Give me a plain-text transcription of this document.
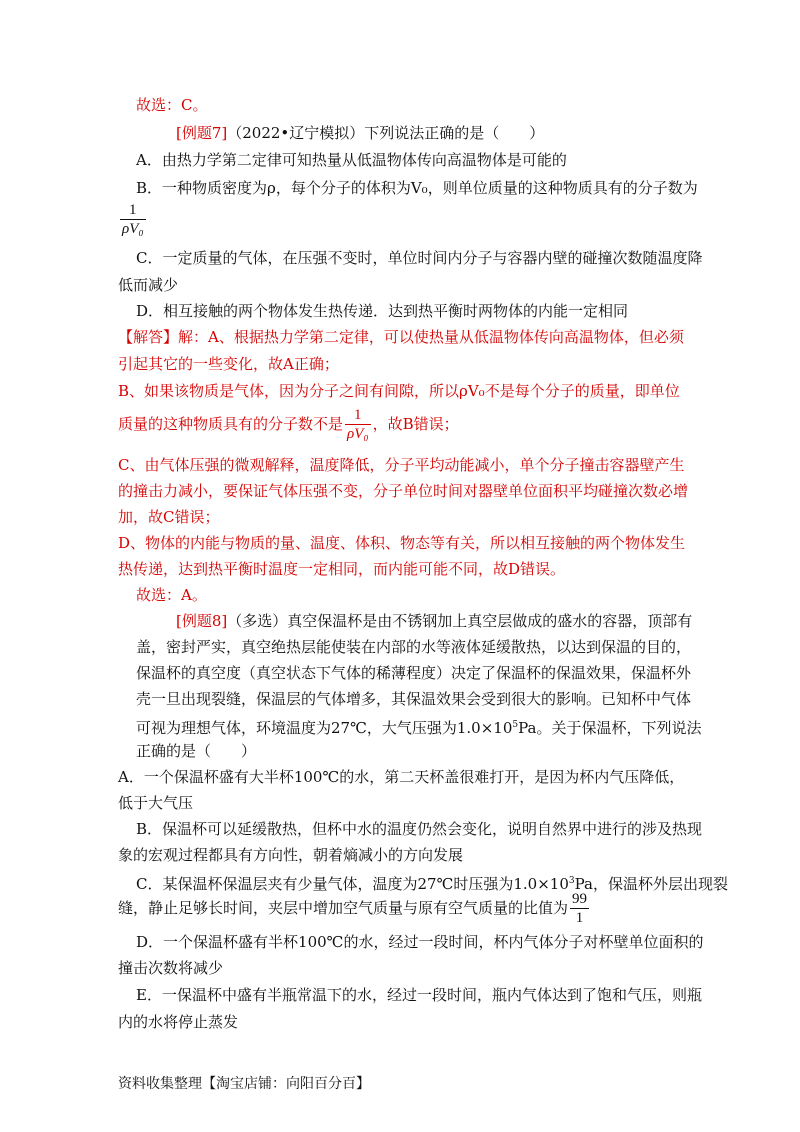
故选：C。
[例题7]（2022•辽宁模拟）下列说法正确的是（　　）
A．由热力学第二定律可知热量从低温物体传向高温物体是可能的
B．一种物质密度为ρ，每个分子的体积为V₀，则单位质量的这种物质具有的分子数为
$\frac{1}{\text{ρV₀}}$
C．一定质量的气体，在压强不变时，单位时间内分子与容器内壁的碰撞次数随温度降
低而减少
D．相互接触的两个物体发生热传递．达到热平衡时两物体的内能一定相同
【解答】解：A、根据热力学第二定律，可以使热量从低温物体传向高温物体，但必须
引起其它的一些变化，故A正确；
B、如果该物质是气体，因为分子之间有间隙，所以ρV₀不是每个分子的质量，即单位
质量的这种物质具有的分子数不是 $\frac{1}{\text{ρV₀}}$ ，故B错误；
C、由气体压强的微观解释，温度降低，分子平均动能减小，单个分子撞击容器壁产生
的撞击力减小，要保证气体压强不变，分子单位时间对器壁单位面积平均碰撞次数必增
加，故C错误；
D、物体的内能与物质的量、温度、体积、物态等有关，所以相互接触的两个物体发生
热传递，达到热平衡时温度一定相同，而内能可能不同，故D错误。
故选：A。
[例题8]（多选）真空保温杯是由不锈钢加上真空层做成的盛水的容器，顶部有
盖，密封严实，真空绝热层能使装在内部的水等液体延缓散热，以达到保温的目的，
保温杯的真空度（真空状态下气体的稀薄程度）决定了保温杯的保温效果，保温杯外
壳一旦出现裂缝，保温层的气体增多，其保温效果会受到很大的影响。已知杯中气体
可视为理想气体，环境温度为27℃，大气压强为$1.0\times 10^5Pa$。关于保温杯，下列说法
正确的是（　　）
A．一个保温杯盛有大半杯100℃的水，第二天杯盖很难打开，是因为杯内气压降低，
低于大气压
B．保温杯可以延缓散热，但杯中水的温度仍然会变化，说明自然界中进行的涉及热现
象的宏观过程都具有方向性，朝着熵减小的方向发展
C．某保温杯保温层夹有少量气体，温度为27℃时压强为$1.0\times 10^3Pa$，保温杯外层出现裂
缝，静止足够长时间，夹层中增加空气质量与原有空气质量的比值为 $\frac{99}{1}$
D．一个保温杯盛有半杯100℃的水，经过一段时间，杯内气体分子对杯壁单位面积的
撞击次数将减少
E．一保温杯中盛有半瓶常温下的水，经过一段时间，瓶内气体达到了饱和气压，则瓶
内的水将停止蒸发
资料收集整理【淘宝店铺：向阳百分百】
